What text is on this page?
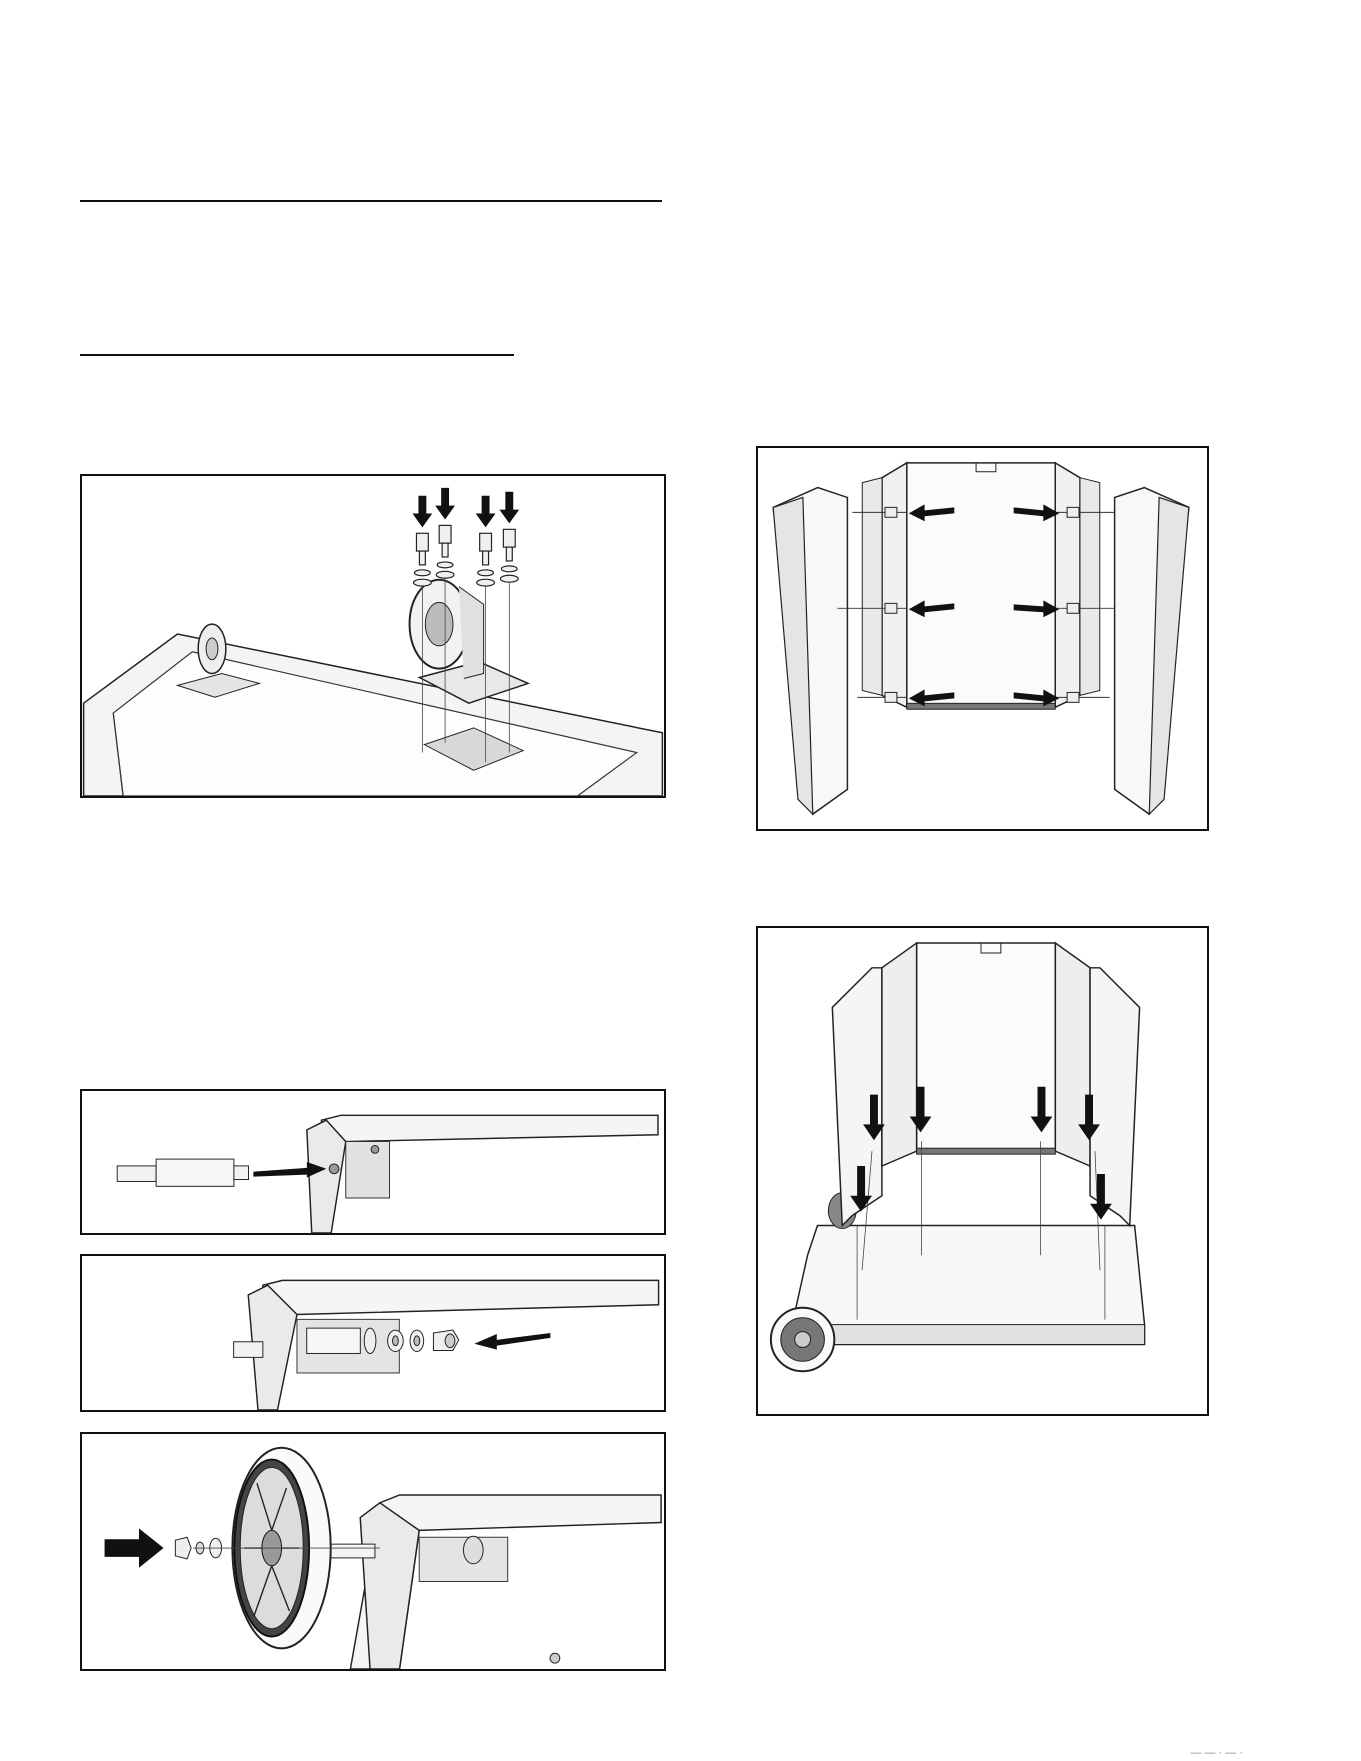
— — · — ·
